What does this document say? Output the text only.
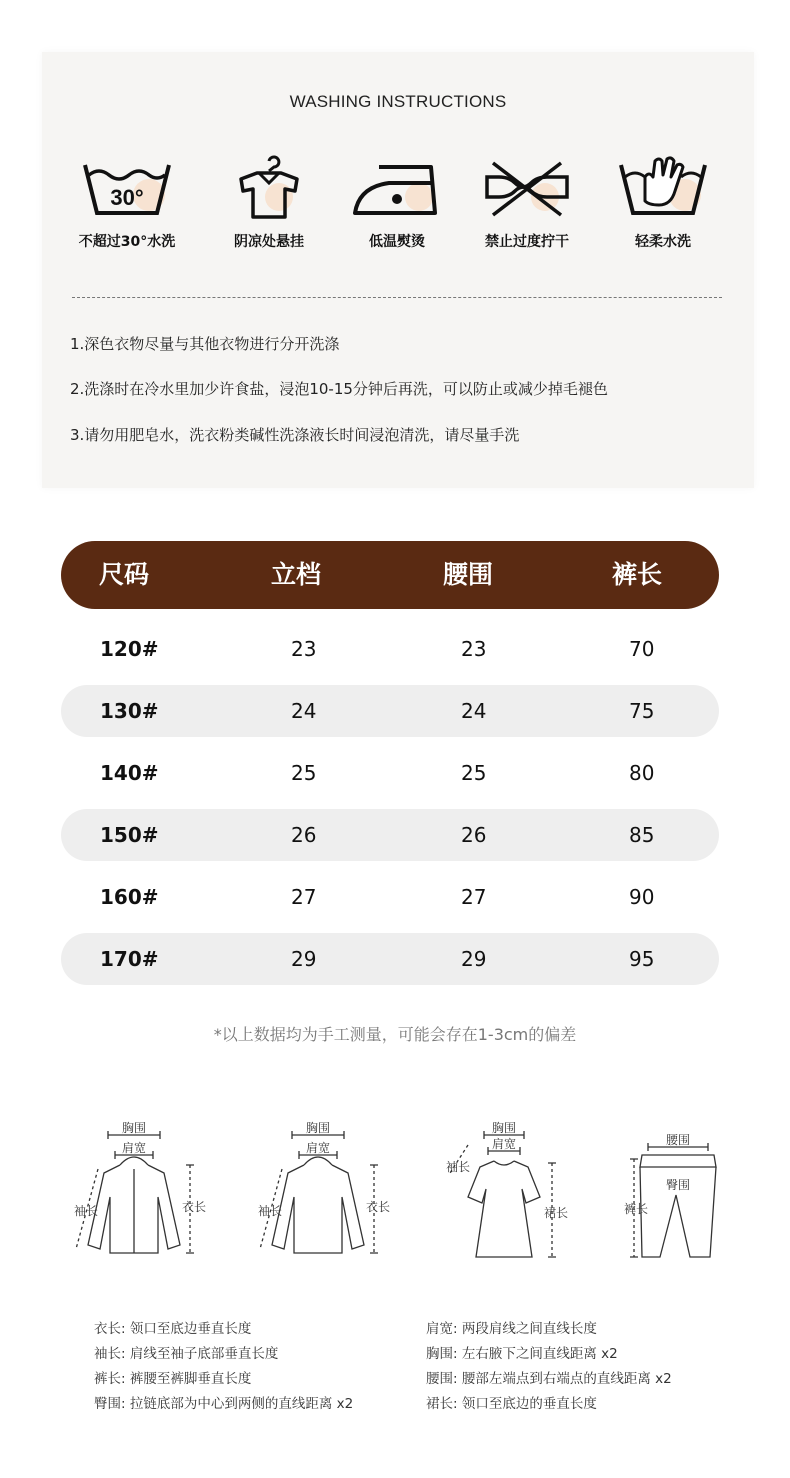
WASHING INSTRUCTIONS
30°
不超过30°水洗	阴凉处悬挂	低温熨烫	禁止过度拧干	轻柔水洗
1.深色衣物尽量与其他衣物进行分开洗涤
2.洗涤时在冷水里加少许食盐，浸泡10-15分钟后再洗，可以防止或减少掉毛褪色
3.请勿用肥皂水，洗衣粉类碱性洗涤液长时间浸泡清洗，请尽量手洗
尺码	立档	腰围	裤长
120#	23	23	70
130#	24	24	75
140#	25	25	80
150#	26	26	85
160#	27	27	90
170#	29	29	95
*以上数据均为手工测量，可能会存在1-3cm的偏差
胸围
肩宽
袖长	衣长
胸围
肩宽
袖长	衣长
胸围
肩宽
袖长
裙长
腰围
臀围
裤长
衣长: 领口至底边垂直长度
袖长: 肩线至袖子底部垂直长度
裤长: 裤腰至裤脚垂直长度
臀围: 拉链底部为中心到两侧的直线距离 x2
肩宽: 两段肩线之间直线长度
胸围: 左右腋下之间直线距离 x2
腰围: 腰部左端点到右端点的直线距离 x2
裙长: 领口至底边的垂直长度
